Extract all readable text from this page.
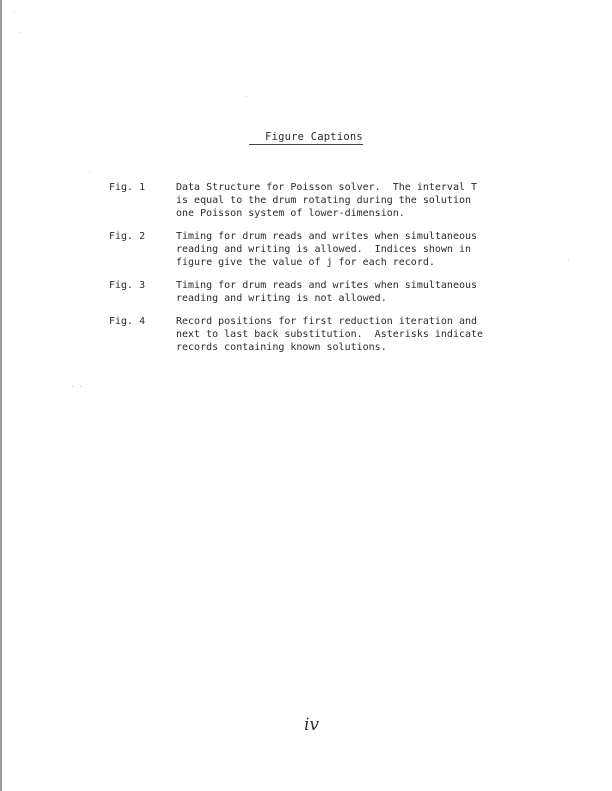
Figure Captions
Fig. 1	Data Structure for Poisson solver.  The interval T
is equal to the drum rotating during the solution
one Poisson system of lower-dimension.
Fig. 2	Timing for drum reads and writes when simultaneous
reading and writing is allowed.  Indices shown in
figure give the value of j for each record.
Fig. 3	Timing for drum reads and writes when simultaneous
reading and writing is not allowed.
Fig. 4	Record positions for first reduction iteration and
next to last back substitution.  Asterisks indicate
records containing known solutions.
iv
